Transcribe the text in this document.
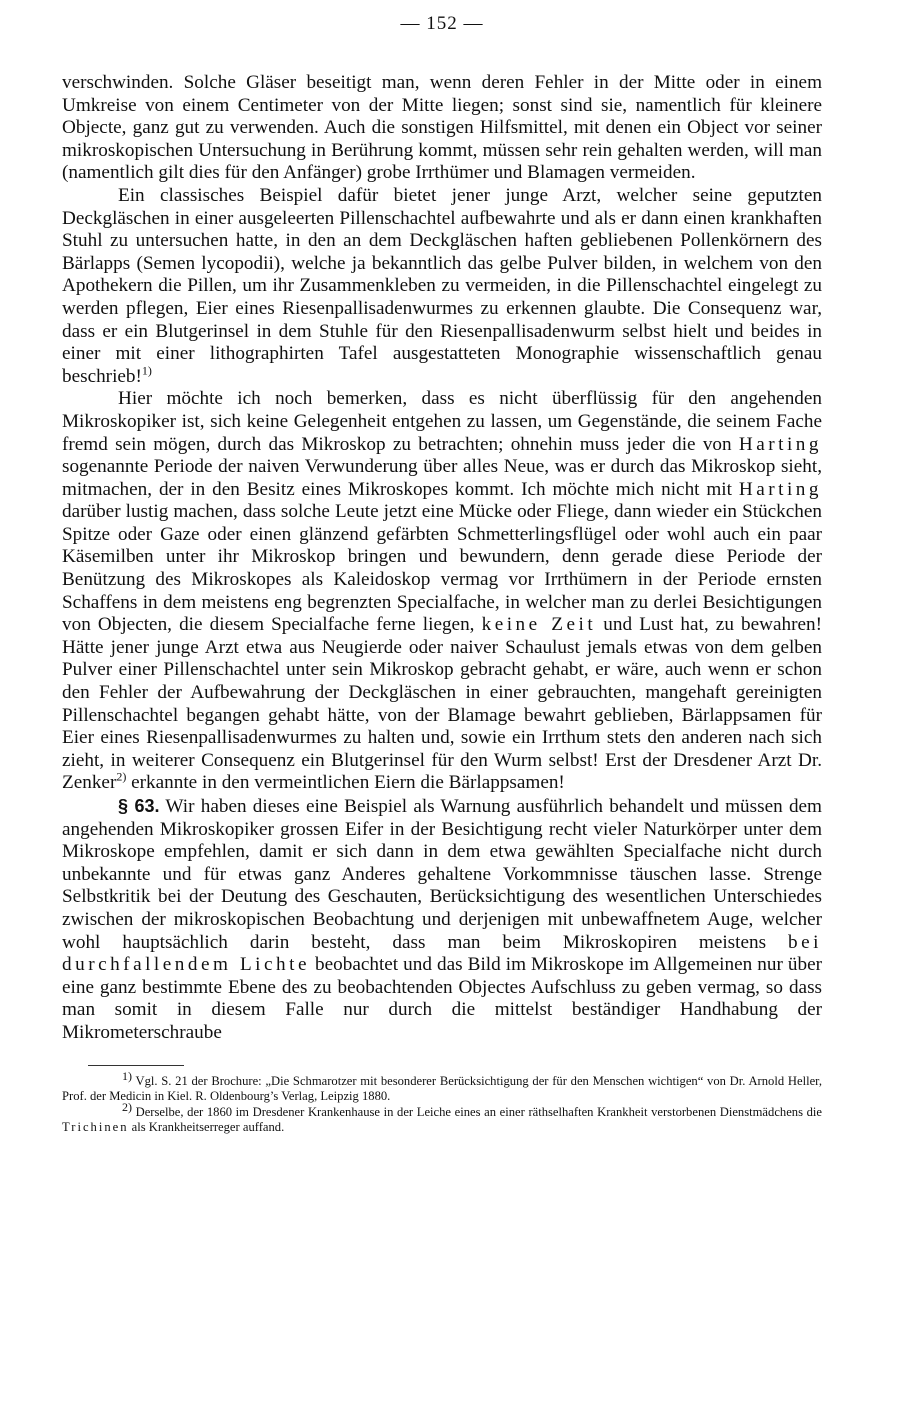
— 152 —

verschwinden. Solche Gläser beseitigt man, wenn deren Fehler in der Mitte oder in einem Umkreise von einem Centimeter von der Mitte liegen; sonst sind sie, namentlich für kleinere Objecte, ganz gut zu verwenden. Auch die sonstigen Hilfsmittel, mit denen ein Object vor seiner mikroskopischen Untersuchung in Berührung kommt, müssen sehr rein gehalten werden, will man (namentlich gilt dies für den Anfänger) grobe Irrthümer und Blamagen vermeiden.

Ein classisches Beispiel dafür bietet jener junge Arzt, welcher seine geputzten Deckgläschen in einer ausgeleerten Pillenschachtel aufbewahrte und als er dann einen krankhaften Stuhl zu untersuchen hatte, in den an dem Deckgläschen haften gebliebenen Pollenkörnern des Bärlapps (Semen lycopodii), welche ja bekanntlich das gelbe Pulver bilden, in welchem von den Apothekern die Pillen, um ihr Zusammenkleben zu vermeiden, in die Pillenschachtel eingelegt zu werden pflegen, Eier eines Riesenpallisadenwurmes zu erkennen glaubte. Die Consequenz war, dass er ein Blutgerinsel in dem Stuhle für den Riesenpallisadenwurm selbst hielt und beides in einer mit einer lithographirten Tafel ausgestatteten Monographie wissenschaftlich genau beschrieb!$^{1)}$

Hier möchte ich noch bemerken, dass es nicht überflüssig für den angehenden Mikroskopiker ist, sich keine Gelegenheit entgehen zu lassen, um Gegenstände, die seinem Fache fremd sein mögen, durch das Mikroskop zu betrachten; ohnehin muss jeder die von Harting sogenannte Periode der naiven Verwunderung über alles Neue, was er durch das Mikroskop sieht, mitmachen, der in den Besitz eines Mikroskopes kommt. Ich möchte mich nicht mit Harting darüber lustig machen, dass solche Leute jetzt eine Mücke oder Fliege, dann wieder ein Stückchen Spitze oder Gaze oder einen glänzend gefärbten Schmetterlingsflügel oder wohl auch ein paar Käsemilben unter ihr Mikroskop bringen und bewundern, denn gerade diese Periode der Benützung des Mikroskopes als Kaleidoskop vermag vor Irrthümern in der Periode ernsten Schaffens in dem meistens eng begrenzten Specialfache, in welcher man zu derlei Besichtigungen von Objecten, die diesem Specialfache ferne liegen, keine Zeit und Lust hat, zu bewahren! Hätte jener junge Arzt etwa aus Neugierde oder naiver Schaulust jemals etwas von dem gelben Pulver einer Pillenschachtel unter sein Mikroskop gebracht gehabt, er wäre, auch wenn er schon den Fehler der Aufbewahrung der Deckgläschen in einer gebrauchten, mangehaft gereinigten Pillenschachtel begangen gehabt hätte, von der Blamage bewahrt geblieben, Bärlappsamen für Eier eines Riesenpallisadenwurmes zu halten und, sowie ein Irrthum stets den anderen nach sich zieht, in weiterer Consequenz ein Blutgerinsel für den Wurm selbst! Erst der Dresdener Arzt Dr. Zenker$^{2)}$ erkannte in den vermeintlichen Eiern die Bärlappsamen!

§ 63. Wir haben dieses eine Beispiel als Warnung ausführlich behandelt und müssen dem angehenden Mikroskopiker grossen Eifer in der Besichtigung recht vieler Naturkörper unter dem Mikroskope empfehlen, damit er sich dann in dem etwa gewählten Specialfache nicht durch unbekannte und für etwas ganz Anderes gehaltene Vorkommnisse täuschen lasse. Strenge Selbstkritik bei der Deutung des Geschauten, Berücksichtigung des wesentlichen Unterschiedes zwischen der mikroskopischen Beobachtung und derjenigen mit unbewaffnetem Auge, welcher wohl hauptsächlich darin besteht, dass man beim Mikroskopiren meistens bei durchfallendem Lichte beobachtet und das Bild im Mikroskope im Allgemeinen nur über eine ganz bestimmte Ebene des zu beobachtenden Objectes Aufschluss zu geben vermag, so dass man somit in diesem Falle nur durch die mittelst beständiger Handhabung der Mikrometerschraube

$^{1)}$ Vgl. S. 21 der Brochure: „Die Schmarotzer mit besonderer Berücksichtigung der für den Menschen wichtigen“ von Dr. Arnold Heller, Prof. der Medicin in Kiel. R. Oldenbourg’s Verlag, Leipzig 1880.

$^{2)}$ Derselbe, der 1860 im Dresdener Krankenhause in der Leiche eines an einer räthselhaften Krankheit verstorbenen Dienstmädchens die Trichinen als Krankheitserreger auffand.
